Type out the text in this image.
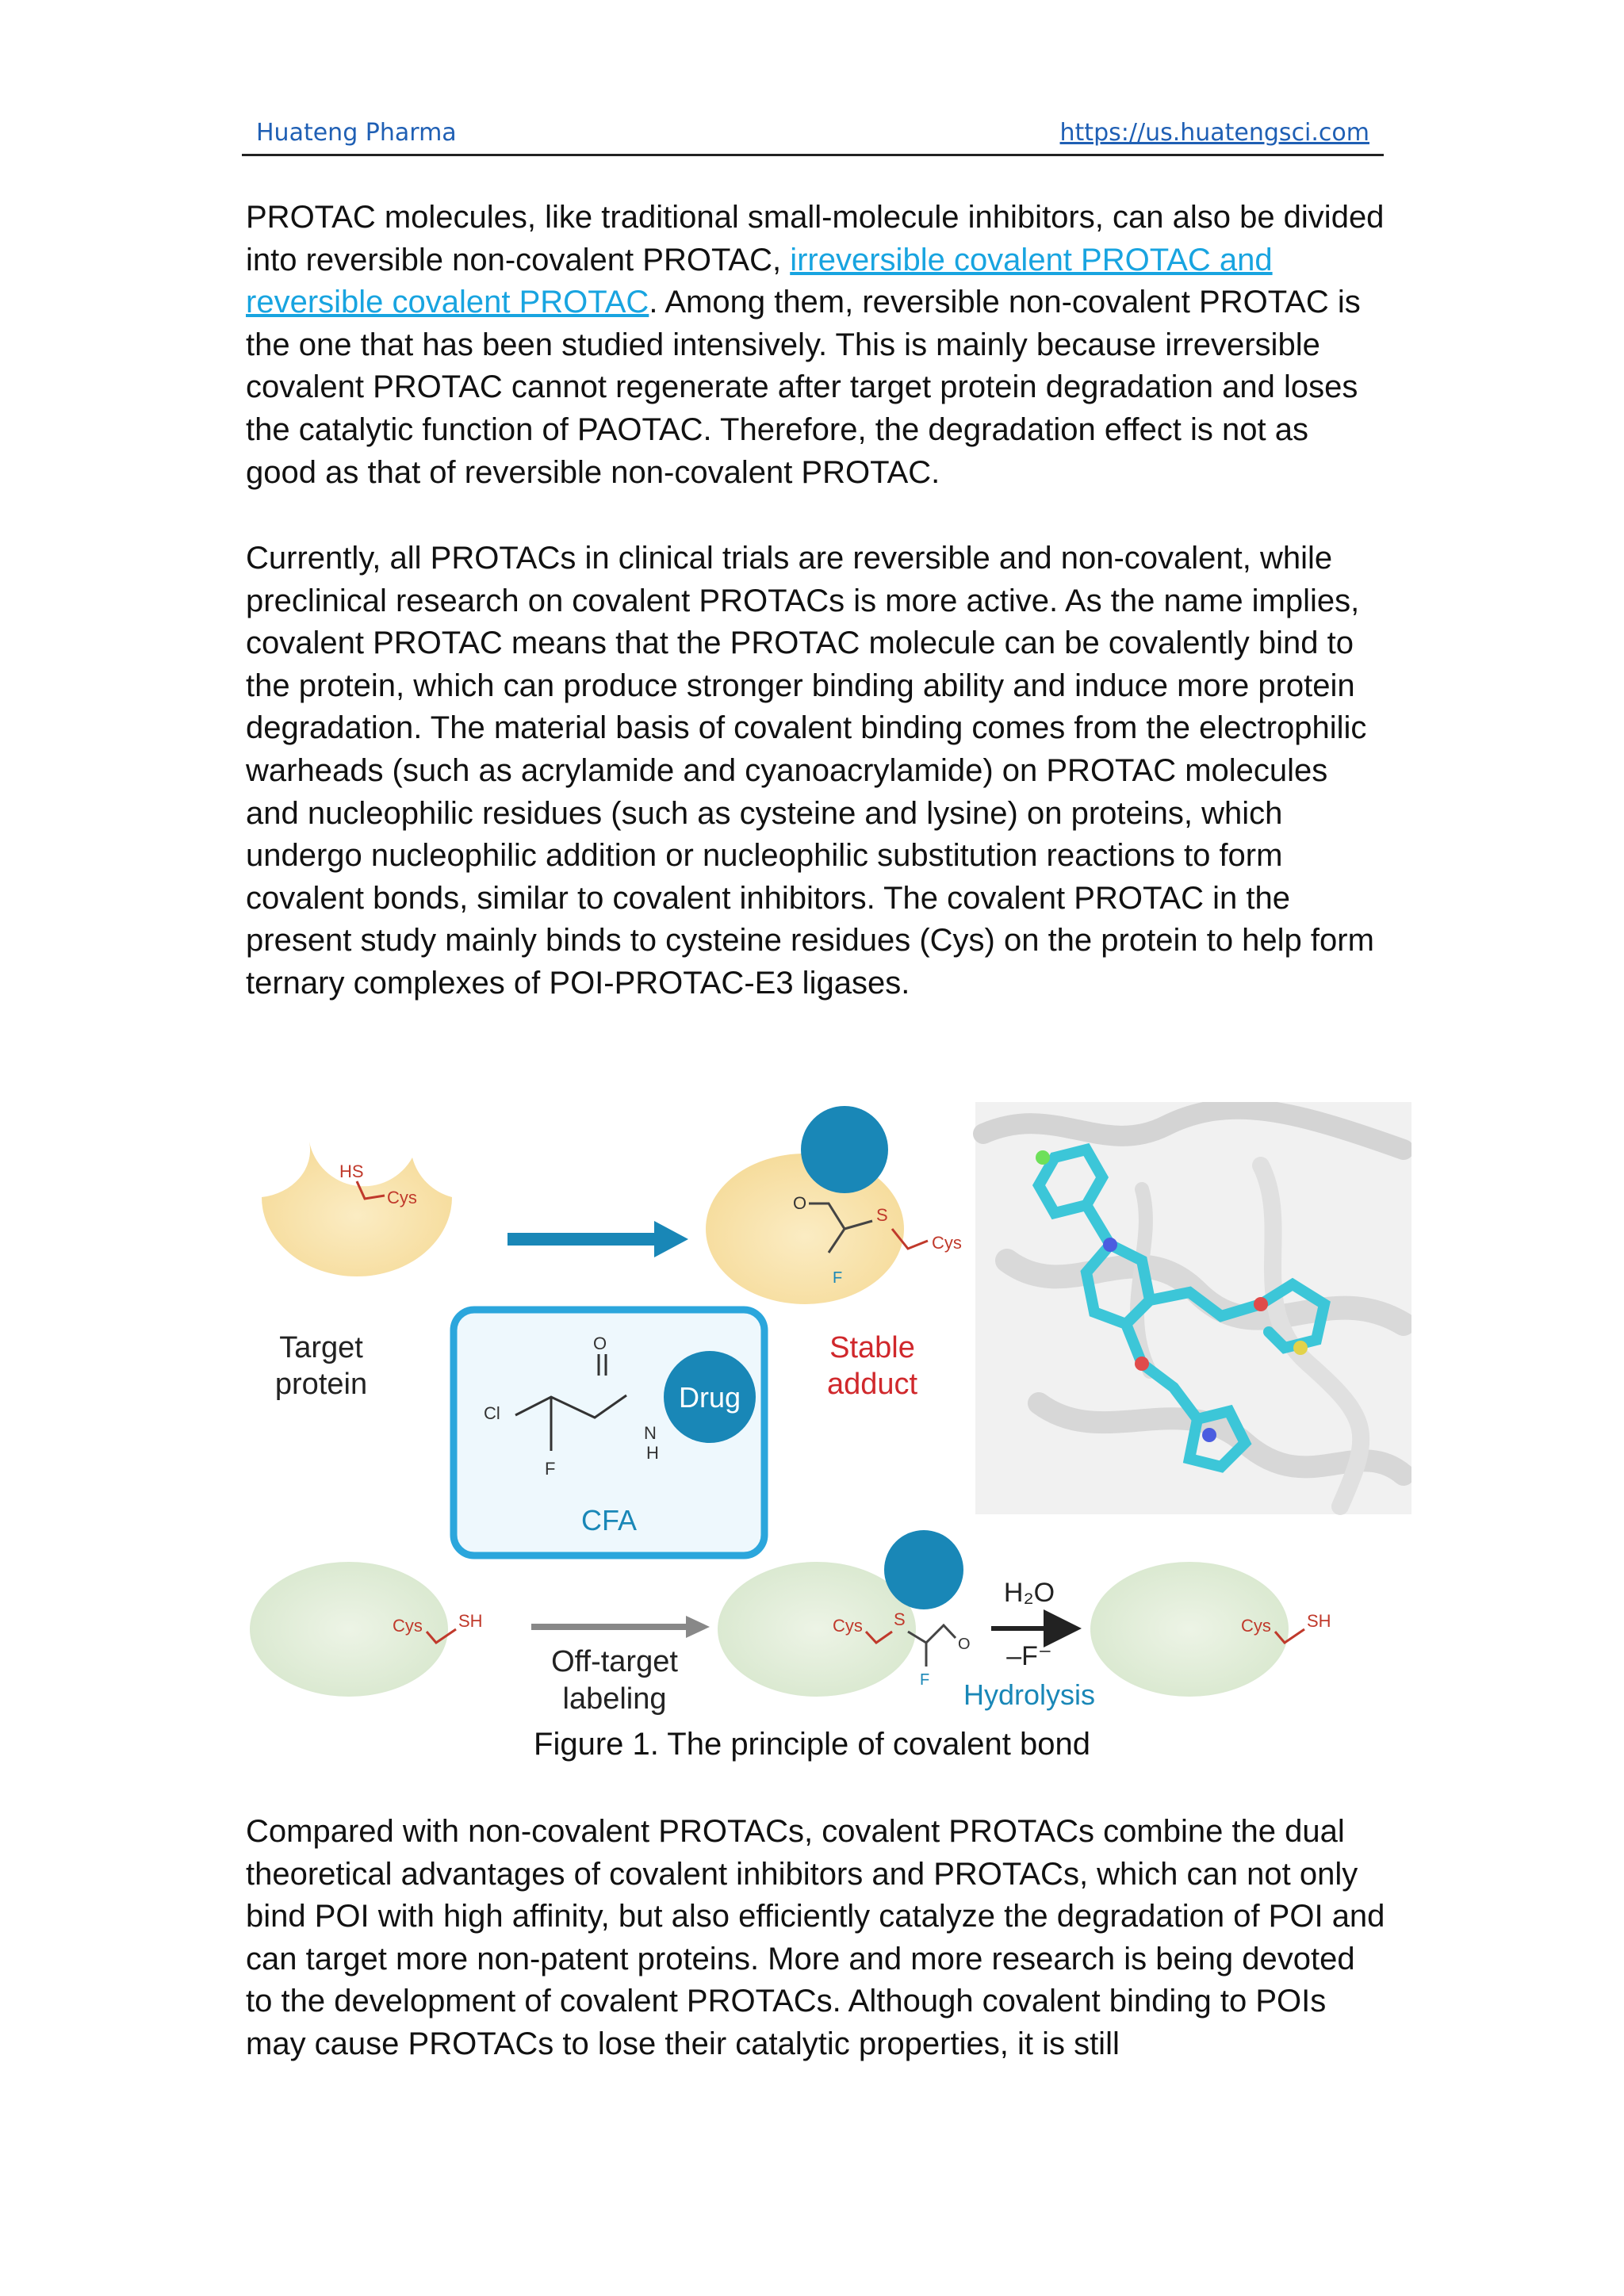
Huateng Pharma	https://us.huatengsci.com
PROTAC molecules, like traditional small-molecule inhibitors, can also be divided into reversible non-covalent PROTAC, irreversible covalent PROTAC and reversible covalent PROTAC. Among them, reversible non-covalent PROTAC is the one that has been studied intensively. This is mainly because irreversible covalent PROTAC cannot regenerate after target protein degradation and loses the catalytic function of PAOTAC. Therefore, the degradation effect is not as good as that of reversible non-covalent PROTAC.
Currently, all PROTACs in clinical trials are reversible and non-covalent, while preclinical research on covalent PROTACs is more active. As the name implies, covalent PROTAC means that the PROTAC molecule can be covalently bind to the protein, which can produce stronger binding ability and induce more protein degradation. The material basis of covalent binding comes from the electrophilic warheads (such as acrylamide and cyanoacrylamide) on PROTAC molecules and nucleophilic residues (such as cysteine and lysine) on proteins, which undergo nucleophilic addition or nucleophilic substitution reactions to form covalent bonds, similar to covalent inhibitors. The covalent PROTAC in the present study mainly binds to cysteine residues (Cys) on the protein to help form ternary complexes of POI-PROTAC-E3 ligases.
HS
Cys
Target
protein
O
F
S
Cys
Stable
adduct
O
Cl
F
N
H
Drug
CFA
Cys SH
Off-target
labeling
Cys S
O
F
H₂O
–F⁻
Hydrolysis
Cys SH
Figure 1. The principle of covalent bond
Compared with non-covalent PROTACs, covalent PROTACs combine the dual theoretical advantages of covalent inhibitors and PROTACs, which can not only bind POI with high affinity, but also efficiently catalyze the degradation of POI and can target more non-patent proteins. More and more research is being devoted to the development of covalent PROTACs. Although covalent binding to POIs may cause PROTACs to lose their catalytic properties, it is still
